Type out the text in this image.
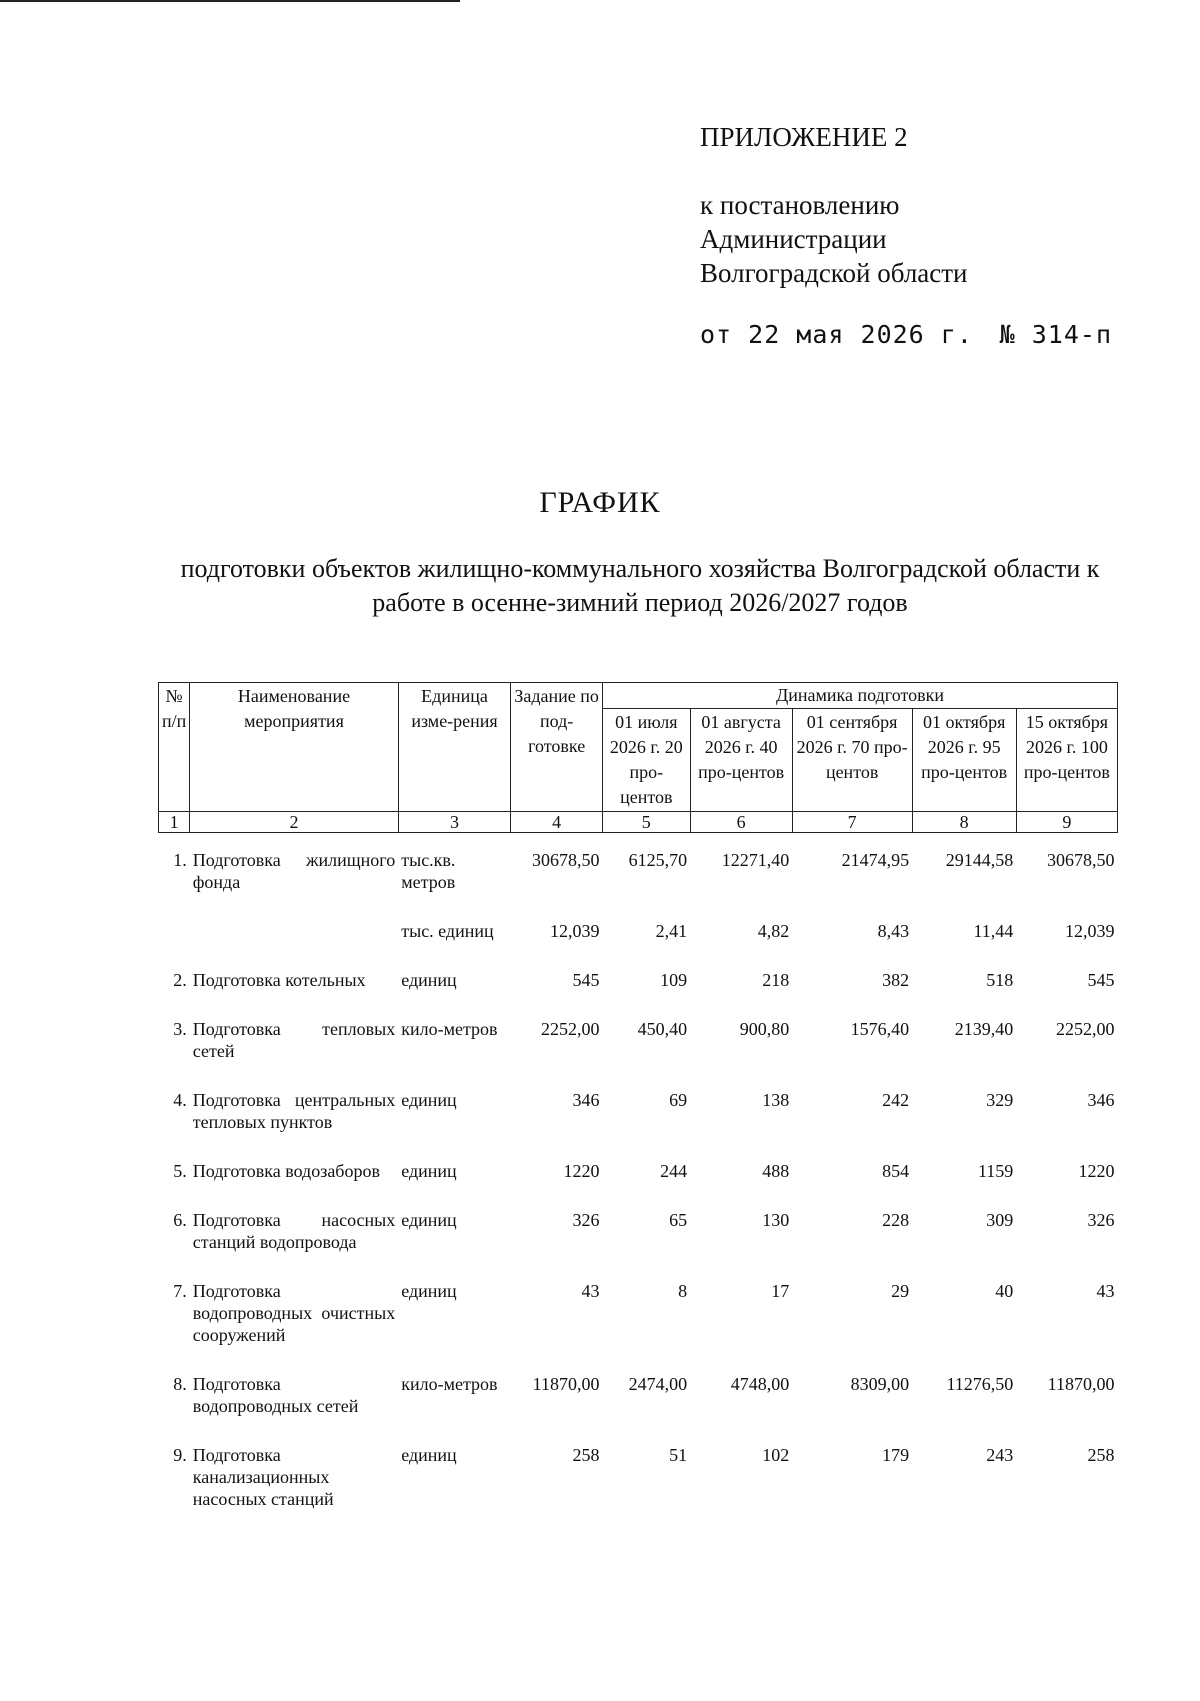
ПРИЛОЖЕНИЕ 2
к постановлению
Администрации
Волгоградской области
от 22 мая 2026 г. № 314-п
ГРАФИК
подготовки объектов жилищно-коммунального хозяйства Волгоградской области к работе в осенне-зимний период 2026/2027 годов
№ п/п	Наименование мероприятия	Единица изме-рения	Задание по под-готовке	Динамика подготовки				
				01 июля 2026 г. 20 про-центов	01 августа 2026 г. 40 про-центов	01 сентября 2026 г. 70 про-центов	01 октября 2026 г. 95 про-центов	15 октября 2026 г. 100 про-центов
1	2	3	4	5	6	7	8	9
1.	Подготовка жилищного фонда	тыс.кв. метров	30678,50	6125,70	12271,40	21474,95	29144,58	30678,50
		тыс. единиц	12,039	2,41	4,82	8,43	11,44	12,039
2.	Подготовка котельных	единиц	545	109	218	382	518	545
3.	Подготовка тепловых сетей	кило-метров	2252,00	450,40	900,80	1576,40	2139,40	2252,00
4.	Подготовка центральных тепловых пунктов	единиц	346	69	138	242	329	346
5.	Подготовка водозаборов	единиц	1220	244	488	854	1159	1220
6.	Подготовка насосных станций водопровода	единиц	326	65	130	228	309	326
7.	Подготовка водопроводных очистных сооружений	единиц	43	8	17	29	40	43
8.	Подготовка водопроводных сетей	кило-метров	11870,00	2474,00	4748,00	8309,00	11276,50	11870,00
9.	Подготовка канализационных насосных станций	единиц	258	51	102	179	243	258
